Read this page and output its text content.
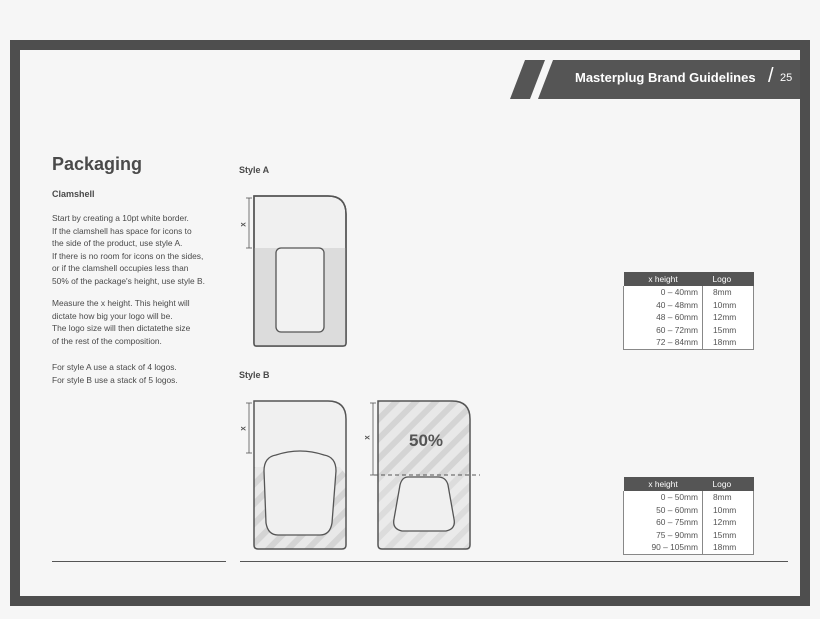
Masterplug Brand Guidelines / 25
Packaging
Clamshell
Start by creating a 10pt white border.
If the clamshell has space for icons to
the side of the product, use style A.
If there is no room for icons on the sides,
or if the clamshell occupies less than
50% of the package's height, use style B.
Measure the x height. This height will
dictate how big your logo will be.
The logo size will then dictatethe size
of the rest of the composition.
For style A use a stack of 4 logos.
For style B use a stack of 5 logos.
Style A
x
x height	Logo
0 – 40mm	8mm
40 – 48mm	10mm
48 – 60mm	12mm
60 – 72mm	15mm
72 – 84mm	18mm
Style B
x
x 50%
x height	Logo
0 – 50mm	8mm
50 – 60mm	10mm
60 – 75mm	12mm
75 – 90mm	15mm
90 – 105mm	18mm
